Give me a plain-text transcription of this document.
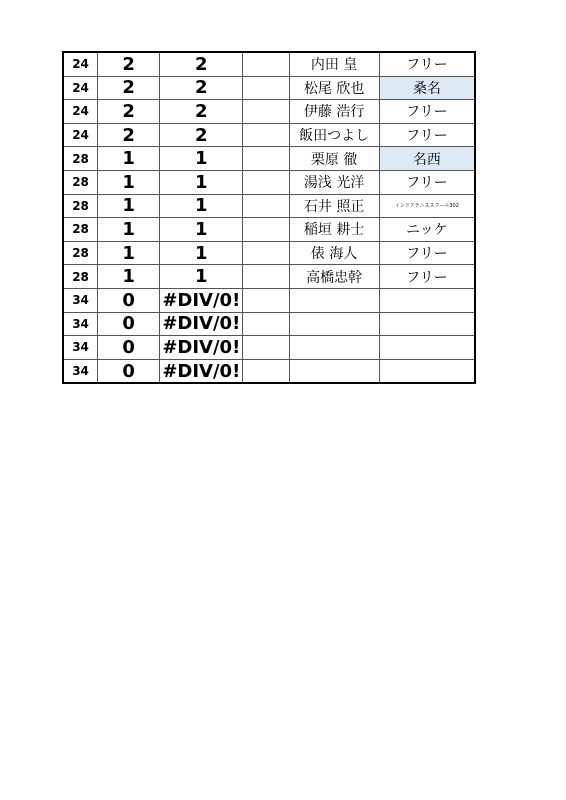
24	2	2		内田 皇	フリー
24	2	2		松尾 欣也	桑名
24	2	2		伊藤 浩行	フリー
24	2	2		飯田つよし	フリー
28	1	1		栗原 徹	名西
28	1	1		湯浅 光洋	フリー
28	1	1		石井 照正	インドアテニススクール302
28	1	1		稲垣 耕士	ニッケ
28	1	1		俵 海人	フリー
28	1	1		高橋忠幹	フリー
34	0	#DIV/0!			
34	0	#DIV/0!			
34	0	#DIV/0!			
34	0	#DIV/0!			
